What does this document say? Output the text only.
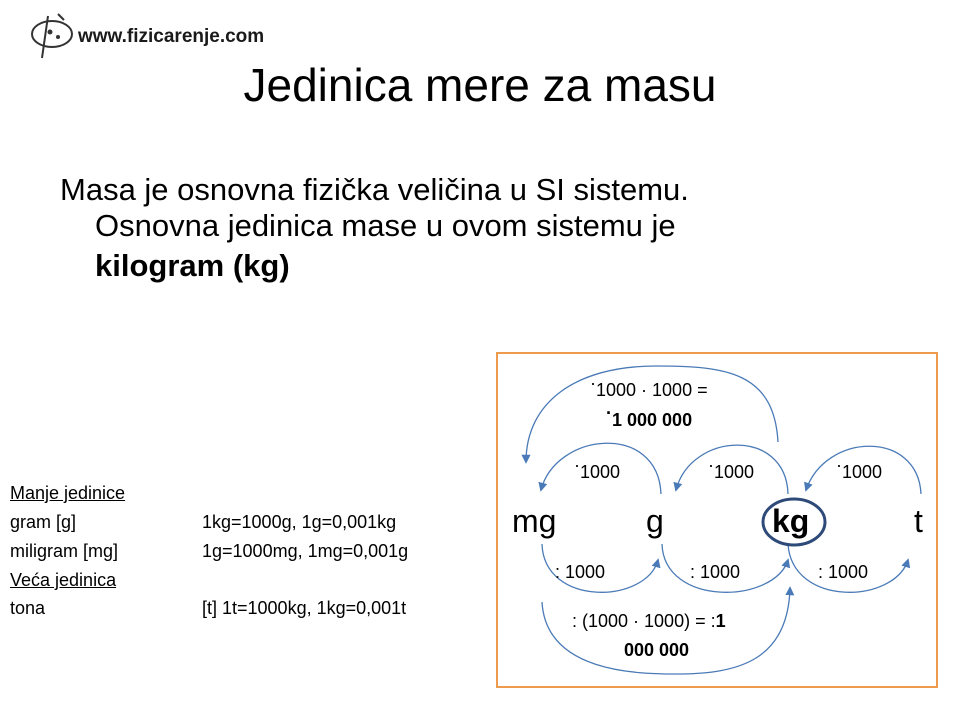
www.fizicarenje.com
Jedinica mere za masu
Masa je osnovna fizička veličina u SI sistemu.
Osnovna jedinica mase u ovom sistemu je
kilogram (kg)
Manje jedinice
gram [g]	1kg=1000g, 1g=0,001kg
miligram [mg]	1g=1000mg, 1mg=0,001g
Veća jedinica
tona	[t] 1t=1000kg, 1kg=0,001t
mg	g	kg	t
·1000	·1000	·1000
: 1000	: 1000	: 1000
·1000 · 1000 =
·1 000 000
: (1000 · 1000) = :1
000 000
